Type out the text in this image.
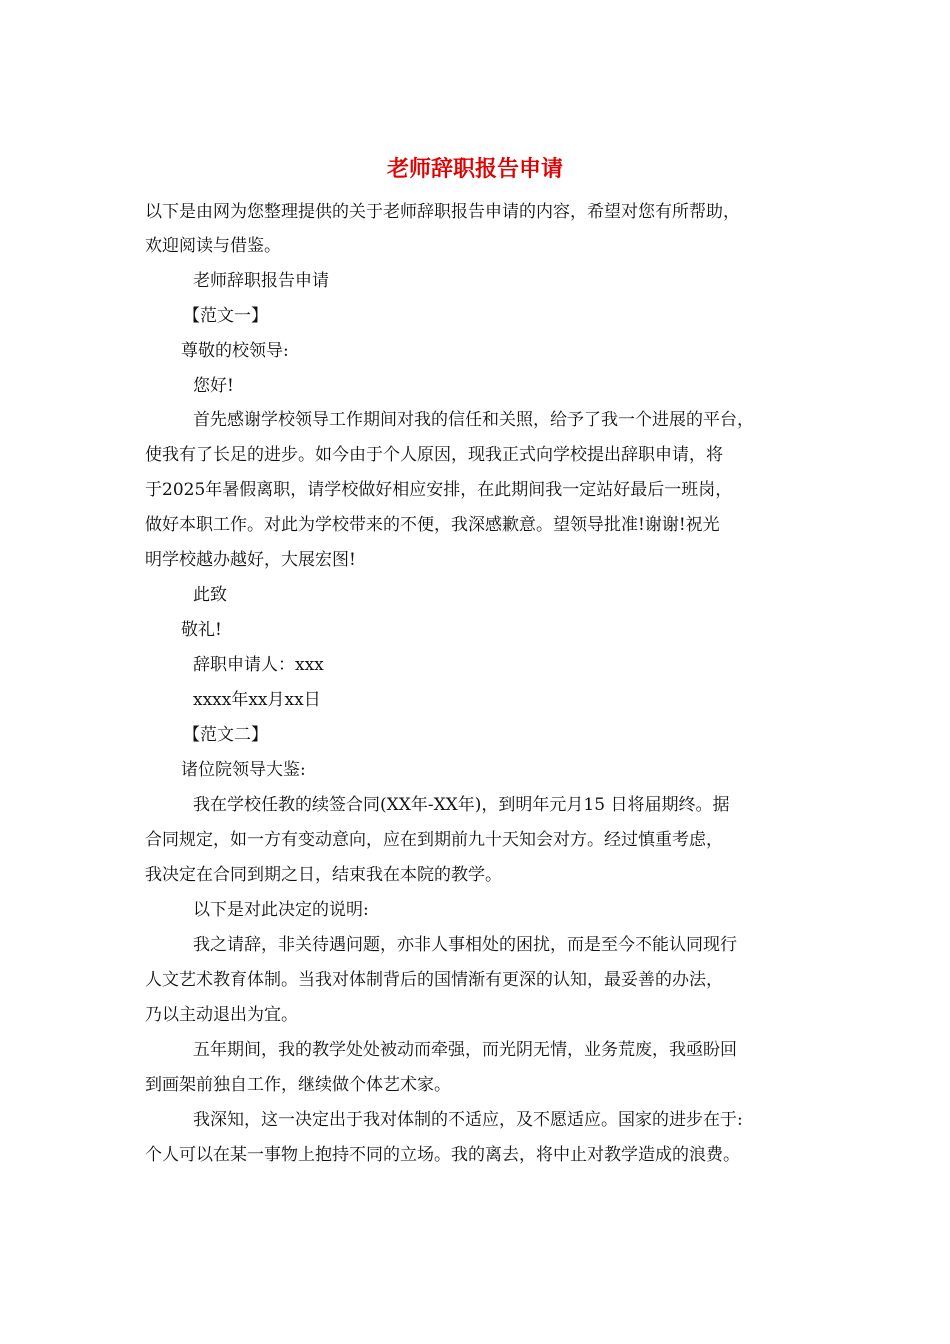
老师辞职报告申请
以下是由网为您整理提供的关于老师辞职报告申请的内容，希望对您有所帮助，
欢迎阅读与借鉴。
老师辞职报告申请
【范文一】
尊敬的校领导:
您好!
首先感谢学校领导工作期间对我的信任和关照，给予了我一个进展的平台，
使我有了长足的进步。如今由于个人原因，现我正式向学校提出辞职申请，将
于2025年暑假离职，请学校做好相应安排，在此期间我一定站好最后一班岗，
做好本职工作。对此为学校带来的不便，我深感歉意。望领导批准!谢谢!祝光
明学校越办越好，大展宏图!
此致
敬礼!
辞职申请人：xxx
xxxx年xx月xx日
【范文二】
诸位院领导大鉴:
我在学校任教的续签合同(XX年-XX年)，到明年元月15 日将届期终。据
合同规定，如一方有变动意向，应在到期前九十天知会对方。经过慎重考虑，
我决定在合同到期之日，结束我在本院的教学。
以下是对此决定的说明:
我之请辞，非关待遇问题，亦非人事相处的困扰，而是至今不能认同现行
人文艺术教育体制。当我对体制背后的国情渐有更深的认知，最妥善的办法，
乃以主动退出为宜。
五年期间，我的教学处处被动而牵强，而光阴无情，业务荒废，我亟盼回
到画架前独自工作，继续做个体艺术家。
我深知，这一决定出于我对体制的不适应，及不愿适应。国家的进步在于:
个人可以在某一事物上抱持不同的立场。我的离去，将中止对教学造成的浪费。
